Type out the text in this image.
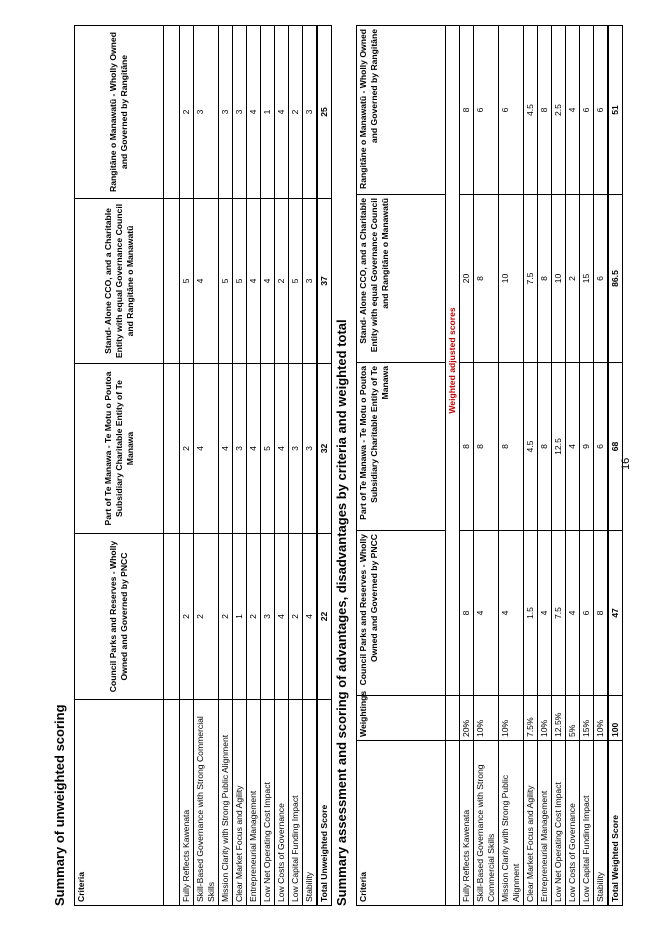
Summary of unweighted scoring Criteria	Council Parks and Reserves - Wholly Owned and Governed by PNCC	Part of Te Manawa - Te Motu o Poutoa Subsidiary Charitable Entity of Te Manawa	Stand- Alone CCO, and a Charitable Entity with equal Governance Council and Rangitāne o Manawatū	Rangitāne o Manawatū - Wholly Owned and Governed by Rangitāne

Fully Reflects Kawenata	2	2	5	2
Skill-Based Governance with Strong Commercial Skills	2	4	4	3
Mission Clarity with Strong Public Alignment	2	4	5	3
Clear Market Focus and Agility	1	3	5	3
Entrepreneurial Management	2	4	4	4
Low Net Operating Cost Impact	3	5	4	1
Low Costs of Governance	4	4	2	4
Low Capital Funding Impact	2	3	5	2
Stability	4	3	3	3
Total Unweighted Score	22	32	37	25
Summary assessment and scoring of advantages, disadvantages by criteria and weighted total Criteria	Weightings	Council Parks and Reserves - Wholly Owned and Governed by PNCC	Part of Te Manawa - Te Motu o Poutoa Subsidiary Charitable Entity of Te Manawa	Stand- Alone CCO, and a Charitable Entity with equal Governance Council and Rangitāne o Manawatū	Rangitāne o Manawatū - Wholly Owned and Governed by Rangitāne
		Weighted adjusted scores			
Fully Reflects Kawenata	20%	8	8	20	8
Skill-Based Governance with Strong Commercial Skills	10%	4	8	8	6
Mission Clarity with Strong Public Alignment	10%	4	8	10	6
Clear Market Focus and Agility	7.5%	1.5	4.5	7.5	4.5
Entrepreneurial Management	10%	4	8	8	8
Low Net Operating Cost Impact	12.5%	7.5	12.5	10	2.5
Low Costs of Governance	5%	4	4	2	4
Low Capital Funding Impact	15%	6	9	15	6
Stability	10%	8	6	6	6
Total Weighted Score	100	47	68	86.5	51
16
